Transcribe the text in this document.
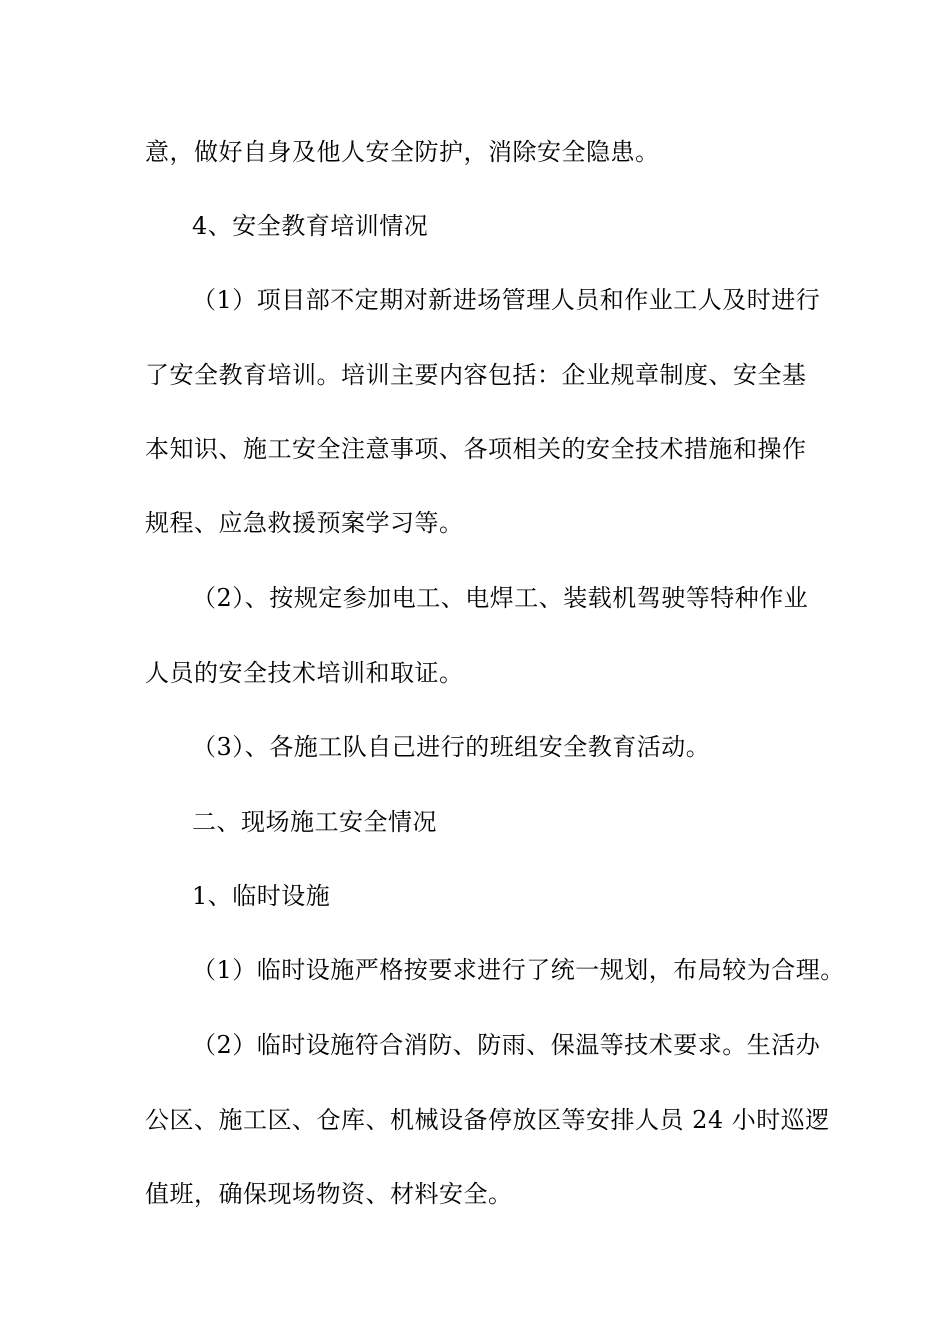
意，做好自身及他人安全防护，消除安全隐患。
4、安全教育培训情况
（1）项目部不定期对新进场管理人员和作业工人及时进行
了安全教育培训。培训主要内容包括：企业规章制度、安全基
本知识、施工安全注意事项、各项相关的安全技术措施和操作
规程、应急救援预案学习等。
（2）、按规定参加电工、电焊工、装载机驾驶等特种作业
人员的安全技术培训和取证。
（3）、各施工队自己进行的班组安全教育活动。
二、现场施工安全情况
1、临时设施
（1）临时设施严格按要求进行了统一规划，布局较为合理。
（2）临时设施符合消防、防雨、保温等技术要求。生活办
公区、施工区、仓库、机械设备停放区等安排人员 24 小时巡逻
值班，确保现场物资、材料安全。
